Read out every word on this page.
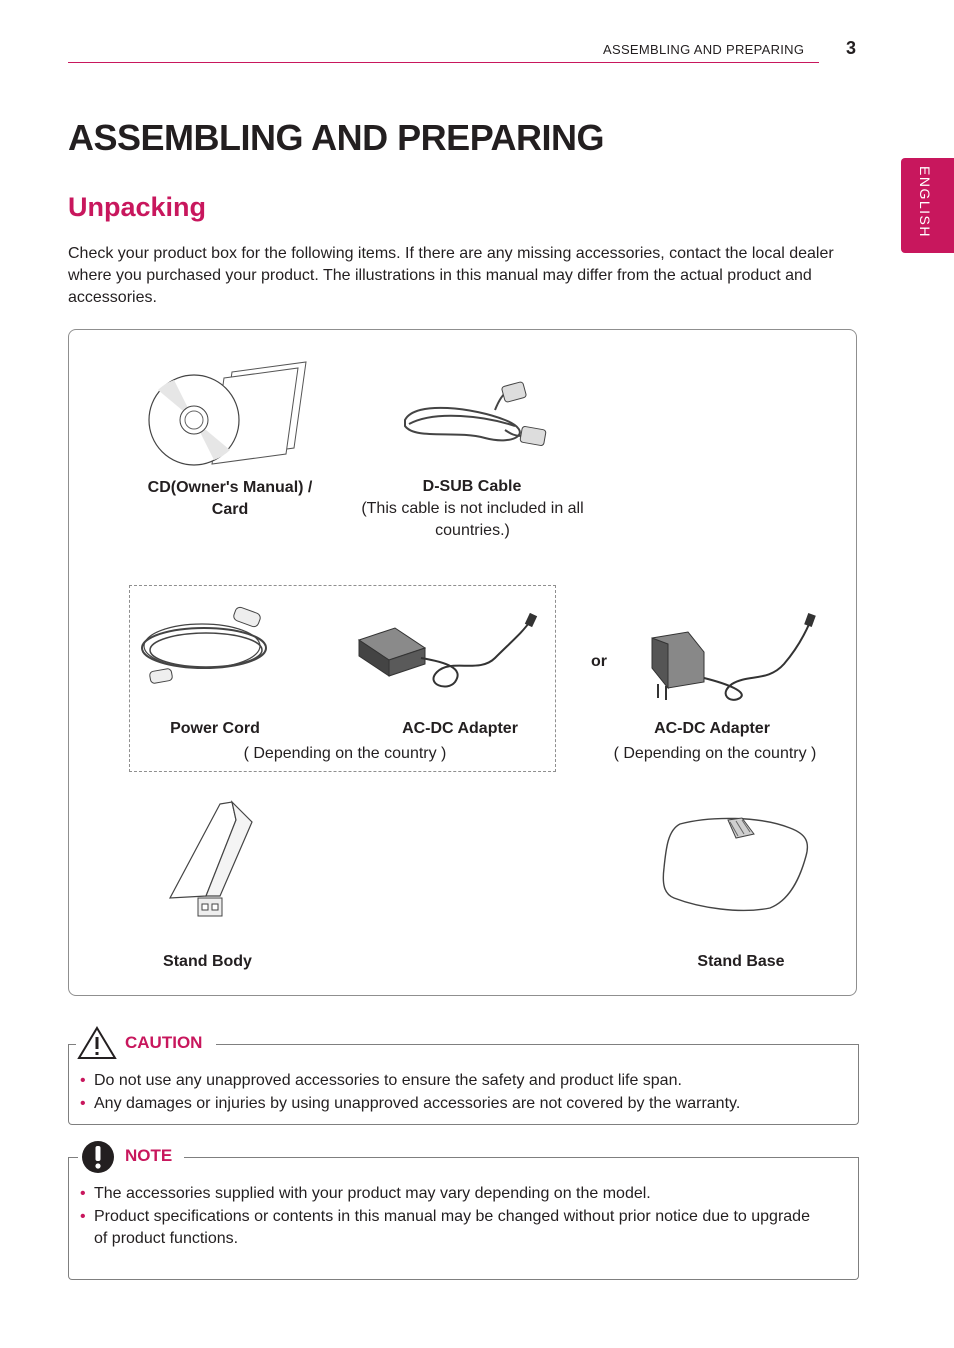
ASSEMBLING AND PREPARING 3
ENGLISH
ASSEMBLING AND PREPARING
Unpacking
Check your product box for the following items. If there are any missing accessories, contact the local dealer where you purchased your product. The illustrations in this manual may differ from the actual product and accessories.
CD(Owner's Manual) /
Card
D-SUB Cable
(This cable is not included in all
countries.)
Power Cord	AC-DC Adapter
( Depending on the country )
or
AC-DC Adapter
( Depending on the country )
Stand Body	Stand Base
CAUTION
• Do not use any unapproved accessories to ensure the safety and product life span.
• Any damages or injuries by using unapproved accessories are not covered by the warranty.
NOTE
• The accessories supplied with your product may vary depending on the model.
• Product specifications or contents in this manual may be changed without prior notice due to upgrade
of product functions.
